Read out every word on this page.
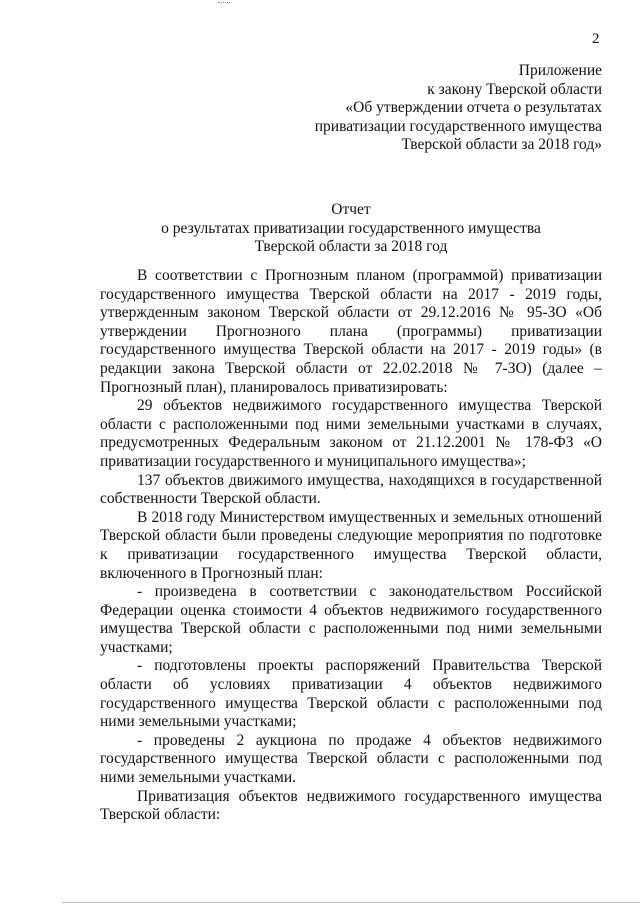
2
Приложение
к закону Тверской области
«Об утверждении отчета о результатах
приватизации государственного имущества
Тверской области за 2018 год»
Отчет
о результатах приватизации государственного имущества
Тверской области за 2018 год

В соответствии с Прогнозным планом (программой) приватизации государственного имущества Тверской области на 2017 - 2019 годы, утвержденным законом Тверской области от 29.12.2016 № 95-ЗО «Об утверждении Прогнозного плана (программы) приватизации государственного имущества Тверской области на 2017 - 2019 годы» (в редакции закона Тверской области от 22.02.2018 № 7-ЗО) (далее – Прогнозный план), планировалось приватизировать:

29 объектов недвижимого государственного имущества Тверской области с расположенными под ними земельными участками в случаях, предусмотренных Федеральным законом от 21.12.2001 № 178-ФЗ «О приватизации государственного и муниципального имущества»;

137 объектов движимого имущества, находящихся в государственной собственности Тверской области.

В 2018 году Министерством имущественных и земельных отношений Тверской области были проведены следующие мероприятия по подготовке к приватизации государственного имущества Тверской области, включенного в Прогнозный план:

- произведена в соответствии с законодательством Российской Федерации оценка стоимости 4 объектов недвижимого государственного имущества Тверской области с расположенными под ними земельными участками;

- подготовлены проекты распоряжений Правительства Тверской области об условиях приватизации 4 объектов недвижимого государственного имущества Тверской области с расположенными под ними земельными участками;

- проведены 2 аукциона по продаже 4 объектов недвижимого государственного имущества Тверской области с расположенными под ними земельными участками.

Приватизация объектов недвижимого государственного имущества Тверской области:
